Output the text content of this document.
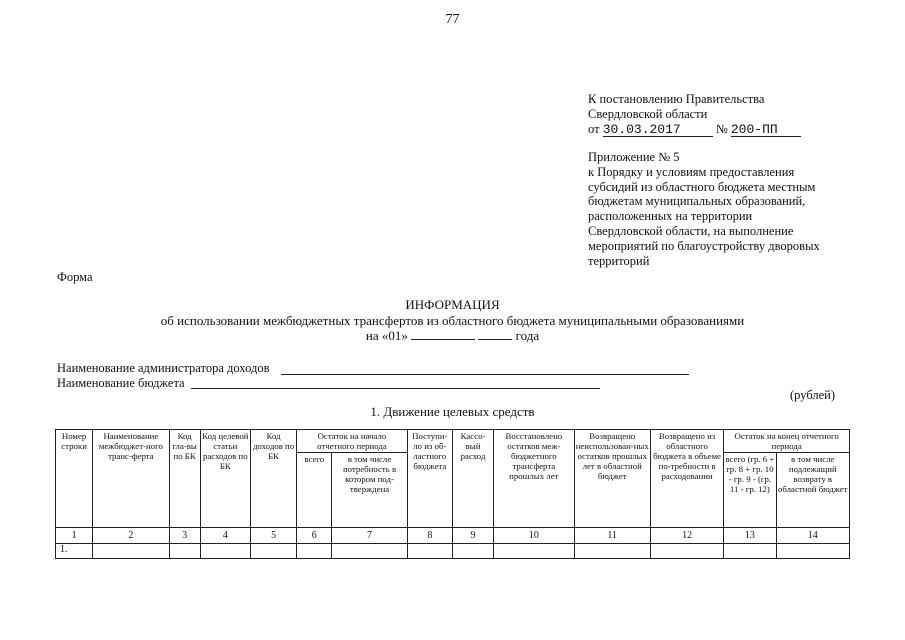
77
К постановлению Правительства
Свердловской области
от 30.03.2017	№ 200-ПП
Приложение № 5
к Порядку и условиям предоставления
субсидий из областного бюджета местным
бюджетам муниципальных образований,
расположенных на территории
Свердловской области, на выполнение
мероприятий по благоустройству дворовых
территорий
Форма
ИНФОРМАЦИЯ
об использовании межбюджетных трансфертов из областного бюджета муниципальными образованиями
на «01»	года
Наименование администратора доходов
Наименование бюджета
(рублей)
1. Движение целевых средств
Номер строки	Наименование межбюджет-ного транс-ферта	Код гла-вы по БК	Код целевой статьи расходов по БК	Код доходов по БК	Остаток на начало отчетного периода		Поступи-ло из об-ластного бюджета	Кассо-вый расход	Восстановлено остатков меж-бюджетного трансферта прошлых лет	Возвращено неиспользован-ных остатков прошлых лет в областной бюджет	Возвращено из областного бюджета в объеме по-требности в расходовании	Остаток на конец отчетного периода	
					всего	в том числе потребность в котором под-тверждена						всего (гр. 6 + гр. 8 + гр. 10 - гр. 9 - (гр. 11 - гр. 12)	в том числе подлежащий возврату в областной бюджет
1	2	3	4	5	6	7	8	9	10	11	12	13	14
1.													
